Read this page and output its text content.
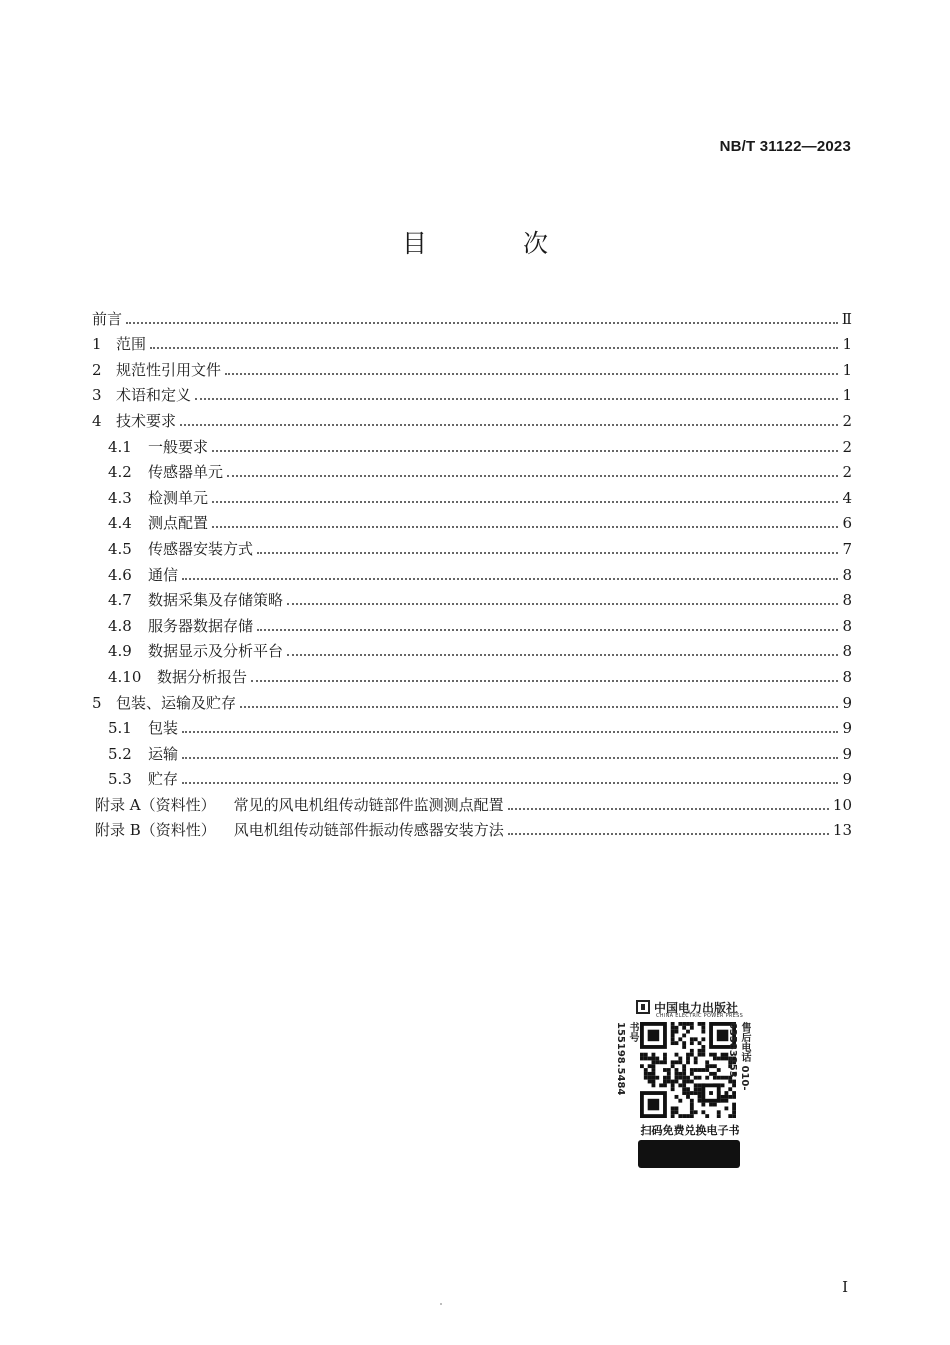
NB/T 31122—2023
目 次
前言	Ⅱ
1 范围	1
2 规范性引用文件	1
3 术语和定义	1
4 技术要求	2
4.1	一般要求	2
4.2	传感器单元	2
4.3	检测单元	4
4.4	测点配置	6
4.5	传感器安装方式	7
4.6	通信	8
4.7	数据采集及存储策略	8
4.8	服务器数据存储	8
4.9	数据显示及分析平台	8
4.10	数据分析报告	8
5 包装、运输及贮存	9
5.1	包装	9
5.2	运输	9
5.3	贮存	9
附录 A（资料性） 常见的风电机组传动链部件监测测点配置	10
附录 B（资料性） 风电机组传动链部件振动传感器安装方法	13
中国电力出版社
CHINA ELECTRIC POWER PRESS
书号 155198.5484	售后电话 010-63583253
扫码免费兑换电子书
I
